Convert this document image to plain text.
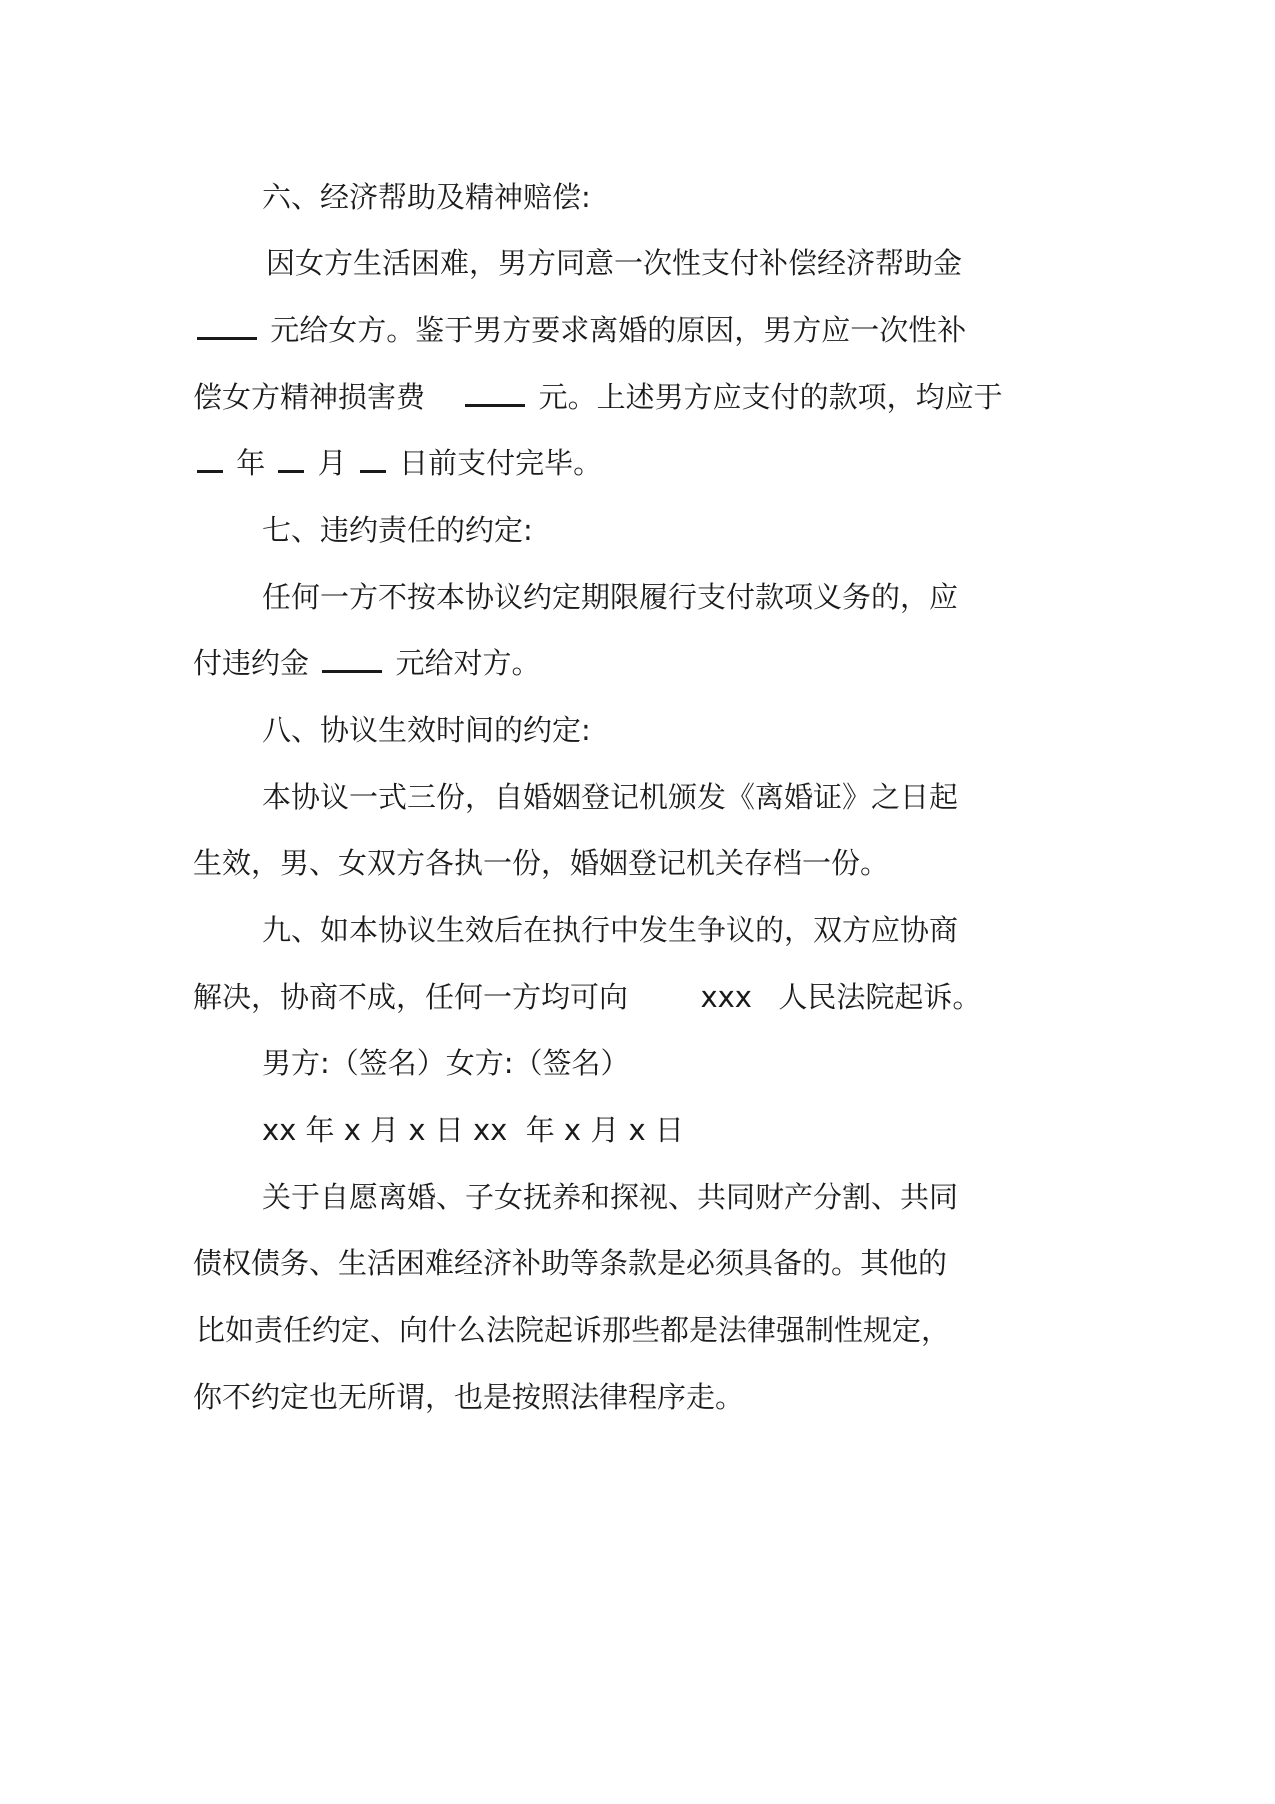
六、经济帮助及精神赔偿:
因女方生活困难，男方同意一次性支付补偿经济帮助金
元给女方。鉴于男方要求离婚的原因，男方应一次性补
偿女方精神损害费	元。上述男方应支付的款项，均应于
年 月 日前支付完毕。
七、违约责任的约定:
任何一方不按本协议约定期限履行支付款项义务的，应
付违约金	元给对方。
八、协议生效时间的约定:
本协议一式三份，自婚姻登记机颁发《离婚证》之日起
生效，男、女双方各执一份，婚姻登记机关存档一份。
九、如本协议生效后在执行中发生争议的，双方应协商
解决，协商不成，任何一方均可向 xxx 人民法院起诉。
男方:（签名）女方:（签名）
xx 年 x 月 x 日 xx  年 x 月 x 日
关于自愿离婚、子女抚养和探视、共同财产分割、共同
债权债务、生活困难经济补助等条款是必须具备的。其他的
比如责任约定、向什么法院起诉那些都是法律强制性规定，
你不约定也无所谓，也是按照法律程序走。
